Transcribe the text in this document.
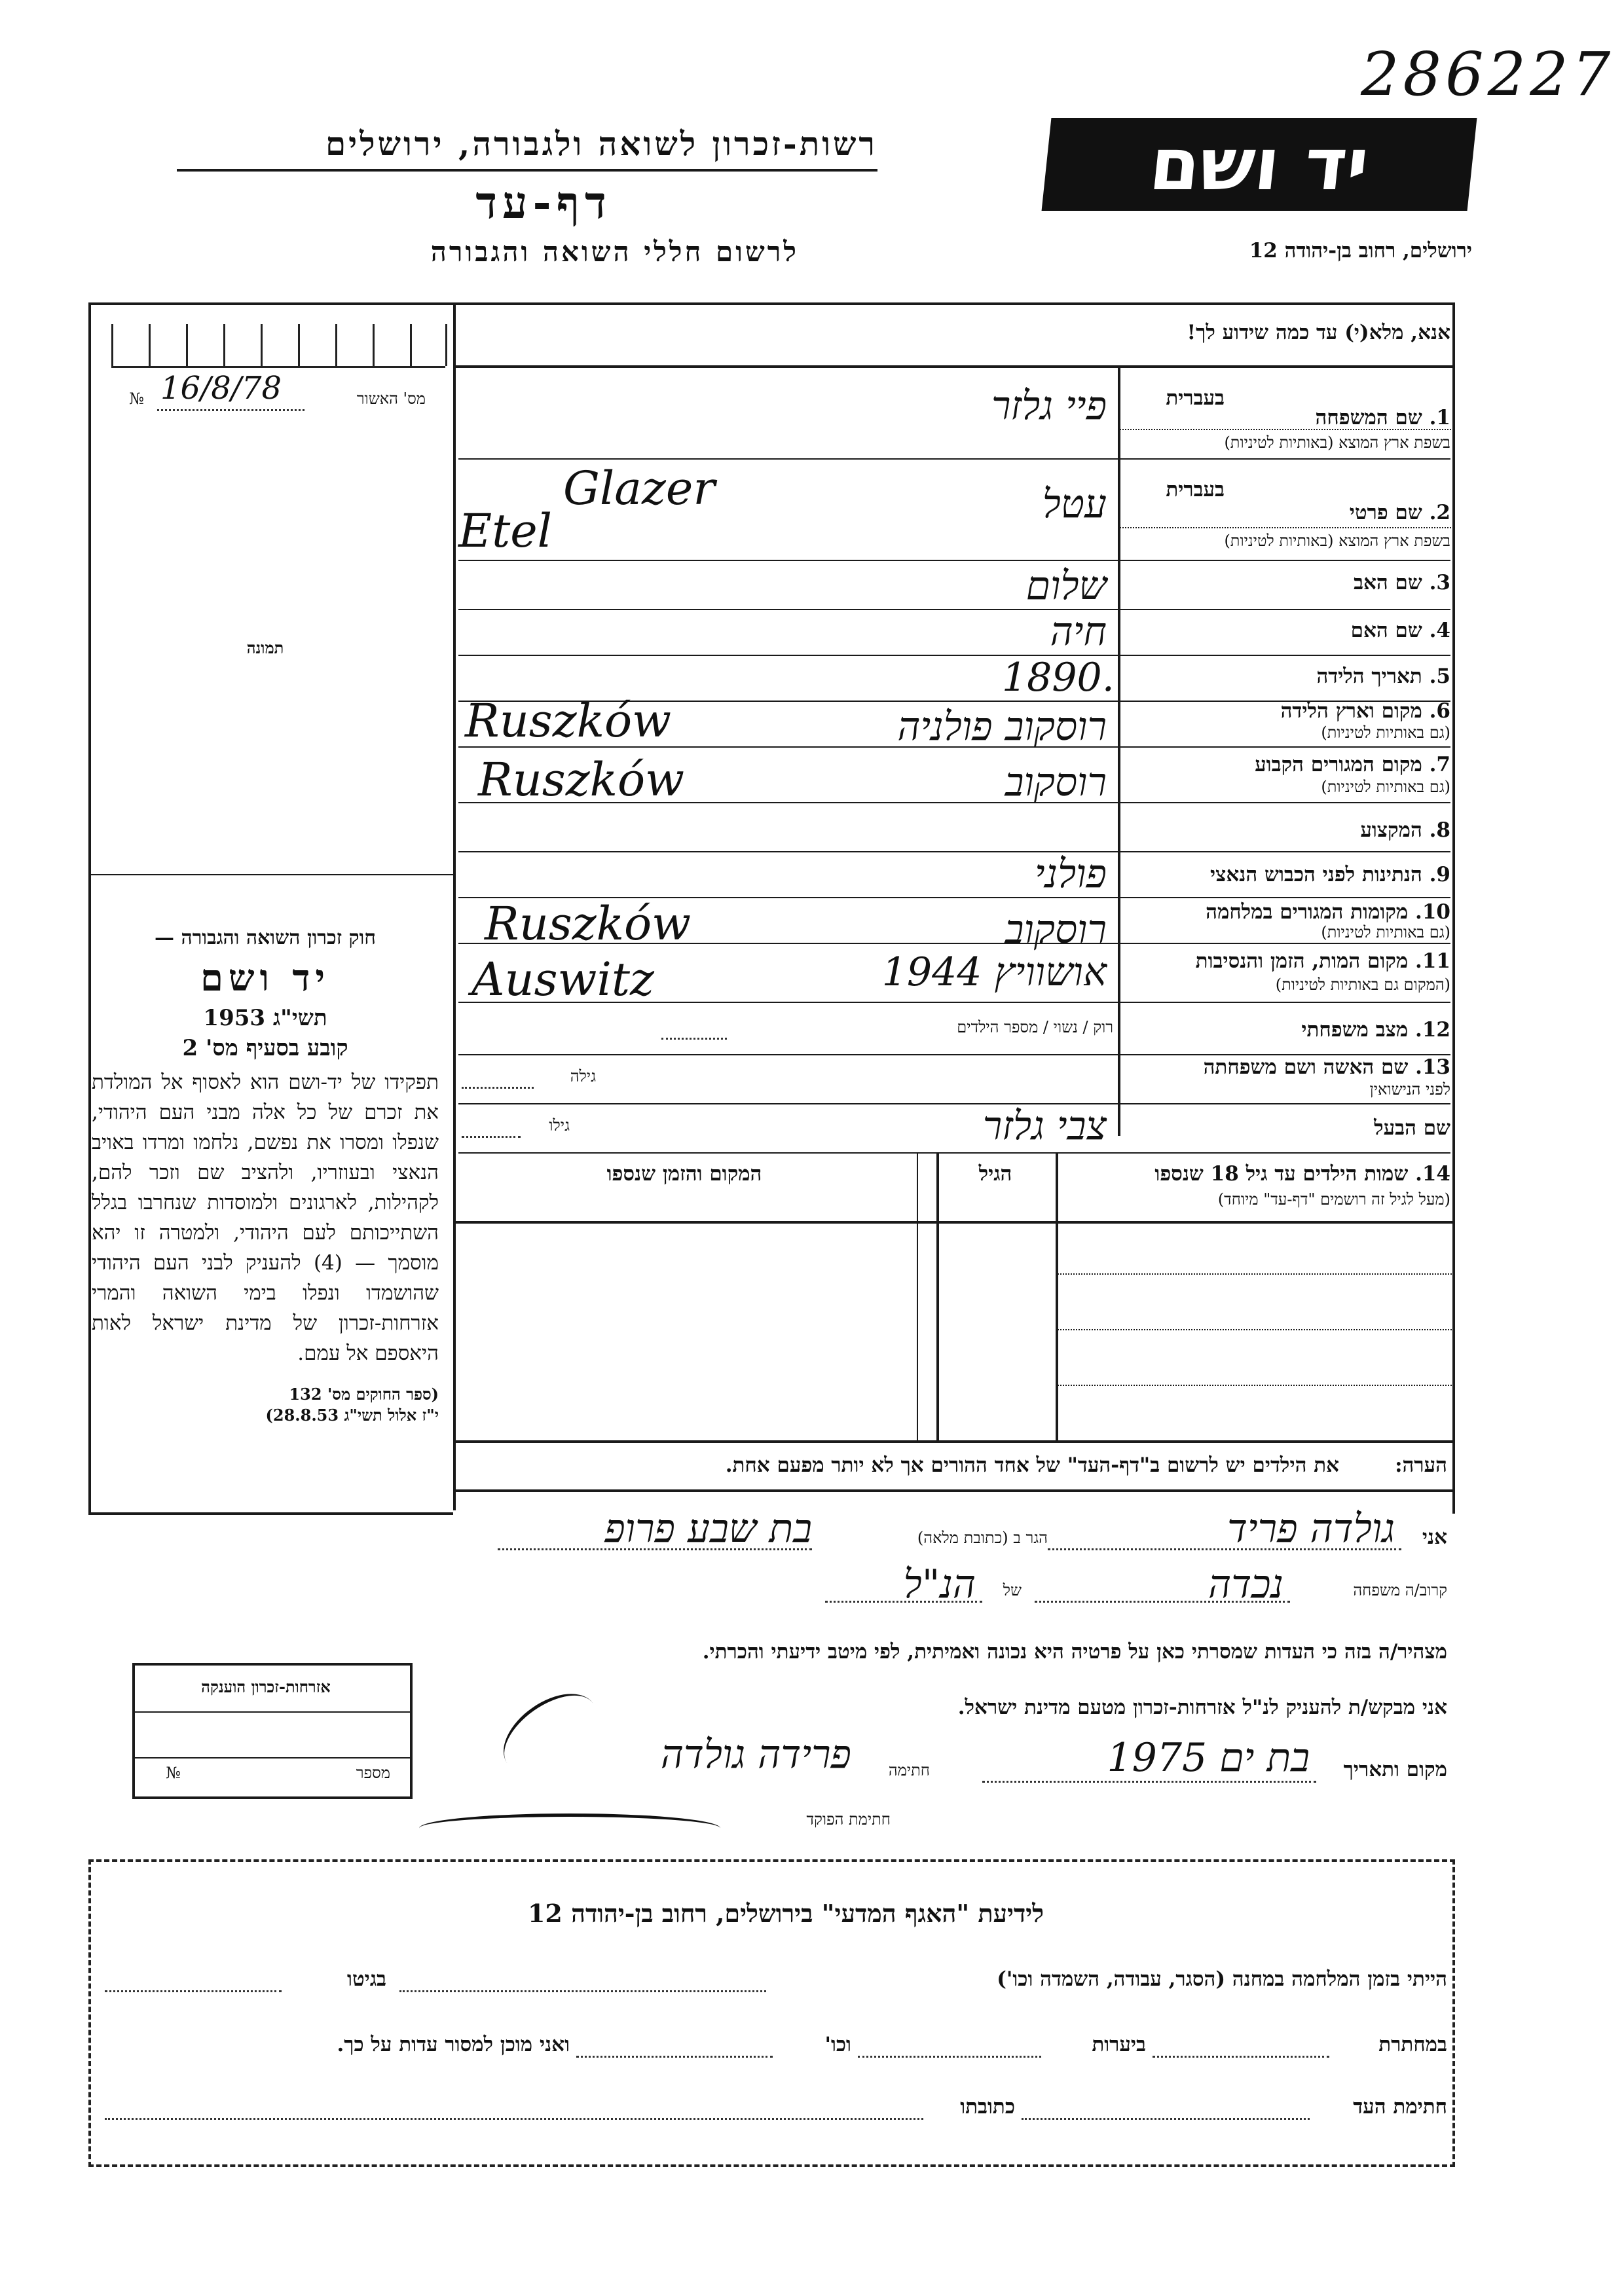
286227
רשות-זכרון לשואה ולגבורה, ירושלים	יד ושם
דף-עד
לרשום חללי השואה והגבורה	ירושלים, רחוב בן-יהודה 12
אנא, מלא(י) עד כמה שידוע לך!
מס' האשור
16/8/78
№
תמונה
בעברית
1. שם המשפחה
בשפת ארץ המוצא (באותיות לטיניות)
פיי גלזר
בעברית
2. שם פרטי
בשפת ארץ המוצא (באותיות לטיניות)
עטל
Glazer
Etel
3. שם האב
שלום
4. שם האם
חיה
5. תאריך הלידה
1890.
6. מקום וארץ הלידה
(גם באותיות לטיניות)
רוסקוב פולניה
Ruszków
7. מקום המגורים הקבוע
(גם באותיות לטיניות)
רוסקוב
Ruszków
8. המקצוע
9. הנתינות לפני הכבוש הנאצי
פולני
10. מקומות המגורים במלחמה
(גם באותיות לטיניות)
רוסקוב
Ruszków
11. מקום המות, הזמן והנסיבות
(המקום גם באותיות לטיניות)
אושוויץ 1944
Auswitz
12. מצב משפחתי
רוק / נשוי / מספר הילדים
13. שם האשה ושם משפחתה
לפני הנישואין
גילה
שם הבעל
צבי גלזר
גילו
14. שמות הילדים עד גיל 18 שנספו
(מעל לגיל זה רושמים "דף-עד" מיוחד)
הגיל
המקום והזמן שנספו
הערה:
את הילדים יש לרשום ב"דף-העד" של אחד ההורים אך לא יותר מפעם אחת.
חוק זכרון השואה והגבורה —
יד ושם
תשי"ג 1953
קובע בסעיף מס' 2
תפקידו של יד-ושם הוא לאסוף אל המולדת את זכרם של כל אלה מבני העם היהודי, שנפלו ומסרו את נפשם, נלחמו ומרדו באויב הנאצי ובעוזריו, ולהציב שם וזכר להם, לקהילות, לארגונים ולמוסדות שנחרבו בגלל השתייכותם לעם היהודי, ולמטרה זו יהא מוסמך — (4) להעניק לבני העם היהודי שהושמדו ונפלו בימי השואה והמרי אזרחות-זכרון של מדינת ישראל לאות היאספם אל עמם.
(ספר החוקים מס' 132
י"ז אלול תשי"ג 28.8.53)
אני
גולדה פריד
הגר ב (כתובת מלאה)
בת שבע פרופ
קרוב/ה משפחה
נכדה
של
הנ"ל
מצהיר/ה בזה כי העדות שמסרתי כאן על פרטיה היא נכונה ואמיתית, לפי מיטב ידיעתי והכרתי.
אני מבקש/ת להעניק לנ"ל אזרחות-זכרון מטעם מדינת ישראל.
מקום ותאריך
בת ים 1975
חתימה
פרידה גולדה
חתימת הפוקד
אזרחות-זכרון הוענקה
מספר
№
לידיעת "האגף המדעי" בירושלים, רחוב בן-יהודה 12
הייתי בזמן המלחמה במחנה (הסגר, עבודה, השמדה וכו')
בגיטו
במחתרת
ביערות
וכו'
ואני מוכן למסור עדות על כך.
חתימת העד
כתובתו
